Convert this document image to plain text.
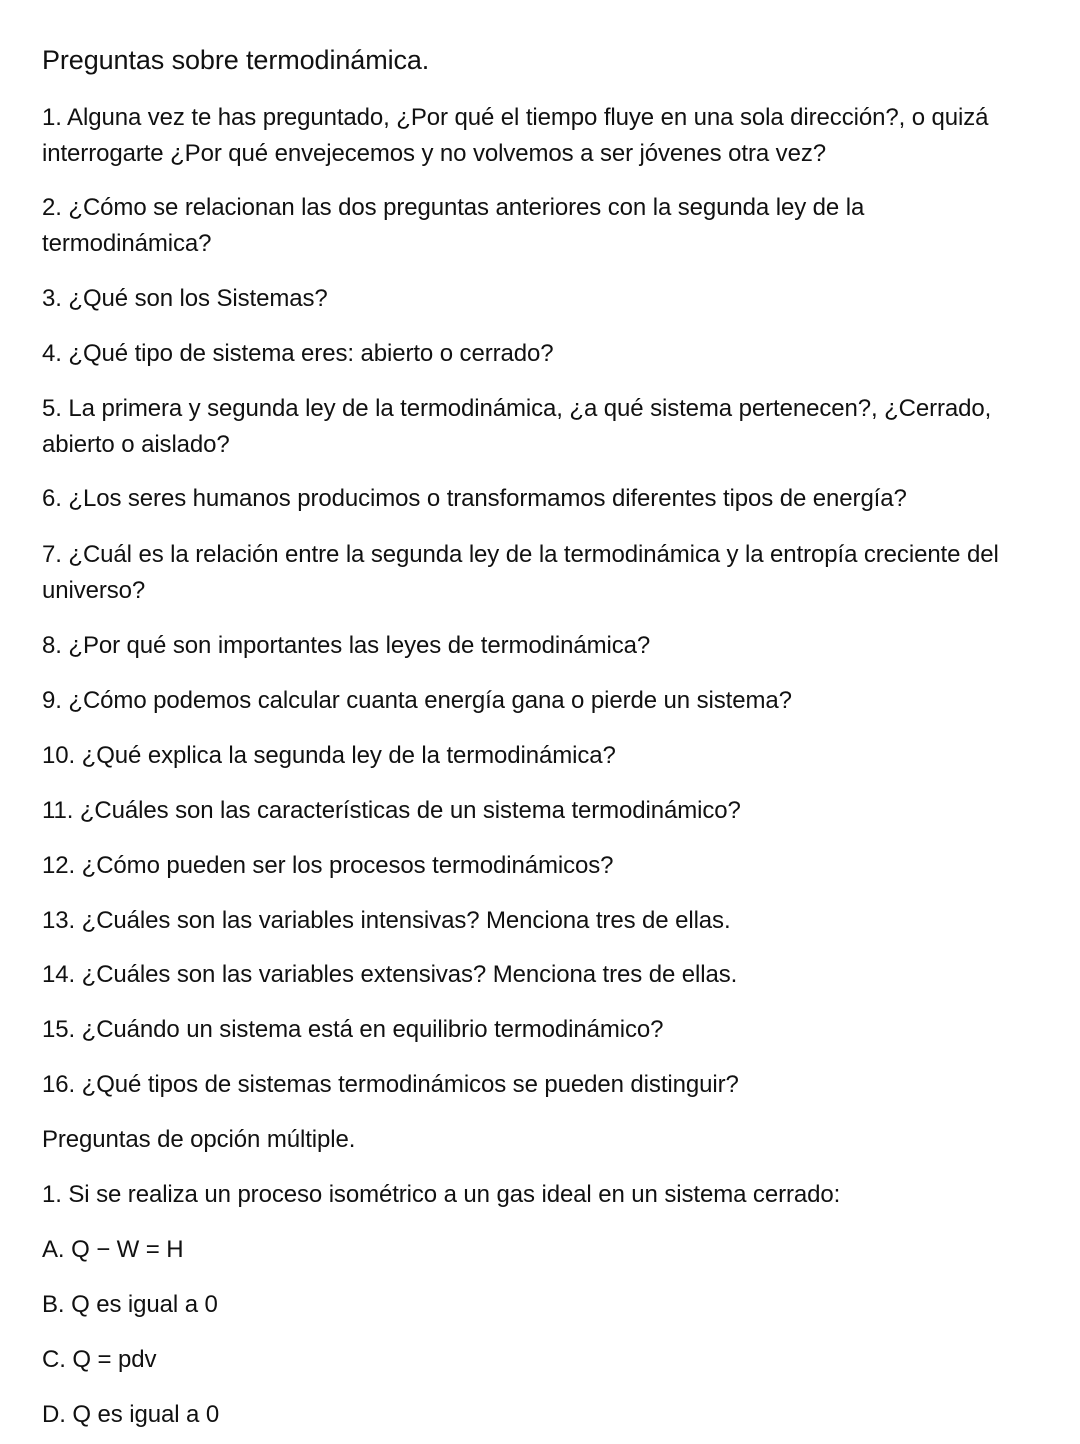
Preguntas sobre termodinámica.
1. Alguna vez te has preguntado, ¿Por qué el tiempo fluye en una sola dirección?, o quizá
interrogarte ¿Por qué envejecemos y no volvemos a ser jóvenes otra vez?
2. ¿Cómo se relacionan las dos preguntas anteriores con la segunda ley de la
termodinámica?
3. ¿Qué son los Sistemas?
4. ¿Qué tipo de sistema eres: abierto o cerrado?
5. La primera y segunda ley de la termodinámica, ¿a qué sistema pertenecen?, ¿Cerrado,
abierto o aislado?
6. ¿Los seres humanos producimos o transformamos diferentes tipos de energía?
7. ¿Cuál es la relación entre la segunda ley de la termodinámica y la entropía creciente del
universo?
8. ¿Por qué son importantes las leyes de termodinámica?
9. ¿Cómo podemos calcular cuanta energía gana o pierde un sistema?
10. ¿Qué explica la segunda ley de la termodinámica?
11. ¿Cuáles son las características de un sistema termodinámico?
12. ¿Cómo pueden ser los procesos termodinámicos?
13. ¿Cuáles son las variables intensivas? Menciona tres de ellas.
14. ¿Cuáles son las variables extensivas? Menciona tres de ellas.
15. ¿Cuándo un sistema está en equilibrio termodinámico?
16. ¿Qué tipos de sistemas termodinámicos se pueden distinguir?
Preguntas de opción múltiple.
1. Si se realiza un proceso isométrico a un gas ideal en un sistema cerrado:
A. Q − W = H
B. Q es igual a 0
C. Q = pdv
D. Q es igual a 0
